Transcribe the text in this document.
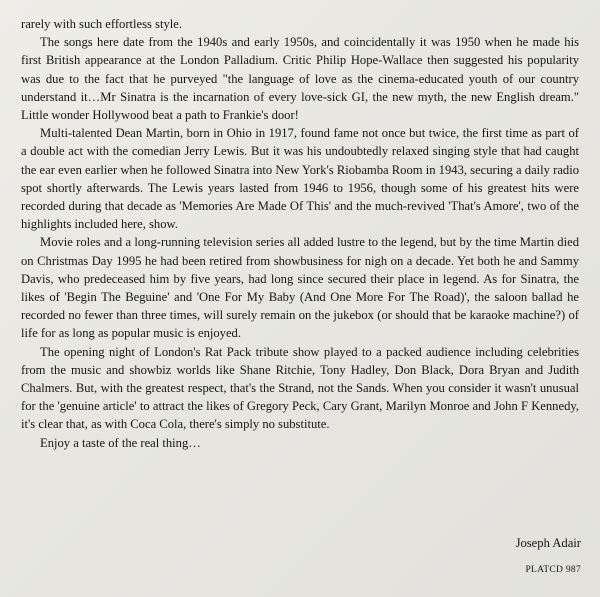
rarely with such effortless style.

The songs here date from the 1940s and early 1950s, and coincidentally it was 1950 when he made his first British appearance at the London Palladium. Critic Philip Hope-Wallace then suggested his popularity was due to the fact that he purveyed "the language of love as the cinema-educated youth of our country understand it…Mr Sinatra is the incarnation of every love-sick GI, the new myth, the new English dream." Little wonder Hollywood beat a path to Frankie's door!

Multi-talented Dean Martin, born in Ohio in 1917, found fame not once but twice, the first time as part of a double act with the comedian Jerry Lewis. But it was his undoubtedly relaxed singing style that had caught the ear even earlier when he followed Sinatra into New York's Riobamba Room in 1943, securing a daily radio spot shortly afterwards. The Lewis years lasted from 1946 to 1956, though some of his greatest hits were recorded during that decade as 'Memories Are Made Of This' and the much-revived 'That's Amore', two of the highlights included here, show.

Movie roles and a long-running television series all added lustre to the legend, but by the time Martin died on Christmas Day 1995 he had been retired from showbusiness for nigh on a decade. Yet both he and Sammy Davis, who predeceased him by five years, had long since secured their place in legend. As for Sinatra, the likes of 'Begin The Beguine' and 'One For My Baby (And One More For The Road)', the saloon ballad he recorded no fewer than three times, will surely remain on the jukebox (or should that be karaoke machine?) of life for as long as popular music is enjoyed.

The opening night of London's Rat Pack tribute show played to a packed audience including celebrities from the music and showbiz worlds like Shane Ritchie, Tony Hadley, Don Black, Dora Bryan and Judith Chalmers. But, with the greatest respect, that's the Strand, not the Sands. When you consider it wasn't unusual for the 'genuine article' to attract the likes of Gregory Peck, Cary Grant, Marilyn Monroe and John F Kennedy, it's clear that, as with Coca Cola, there's simply no substitute.

Enjoy a taste of the real thing…

Joseph Adair
PLATCD 987
